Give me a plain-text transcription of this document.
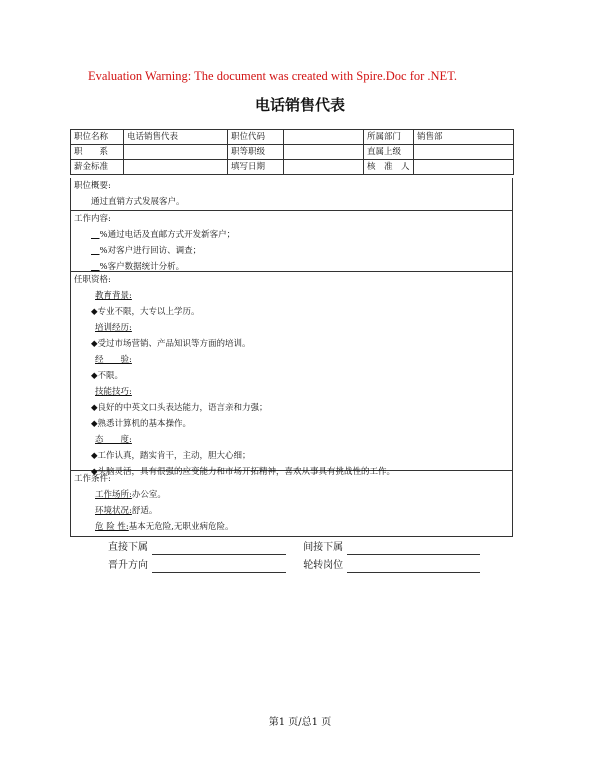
Evaluation Warning: The document was created with Spire.Doc for .NET.
电话销售代表
职位名称	电话销售代表	职位代码		所属部门	销售部
职　　系		职等职级		直属上级	
薪金标准		填写日期		核　准　人	
职位概要:
通过直销方式发展客户。
工作内容:
__%通过电话及直邮方式开发新客户；
__%对客户进行回访、调查；
__%客户数据统计分析。
任职资格:
教育背景:
◆专业不限，大专以上学历。
培训经历:
◆受过市场营销、产品知识等方面的培训。
经　　验:
◆不限。
技能技巧:
◆良好的中英文口头表达能力，语言亲和力强；
◆熟悉计算机的基本操作。
态　　度:
◆工作认真，踏实肯干，主动，胆大心细；
◆头脑灵活，具有很强的应变能力和市场开拓精神，喜欢从事具有挑战性的工作。
工作条件:
工作场所:办公室。
环境状况:舒适。
危 险 性:基本无危险,无职业病危险。
直接下属	间接下属
晋升方向	轮转岗位
第1 页/总1 页
